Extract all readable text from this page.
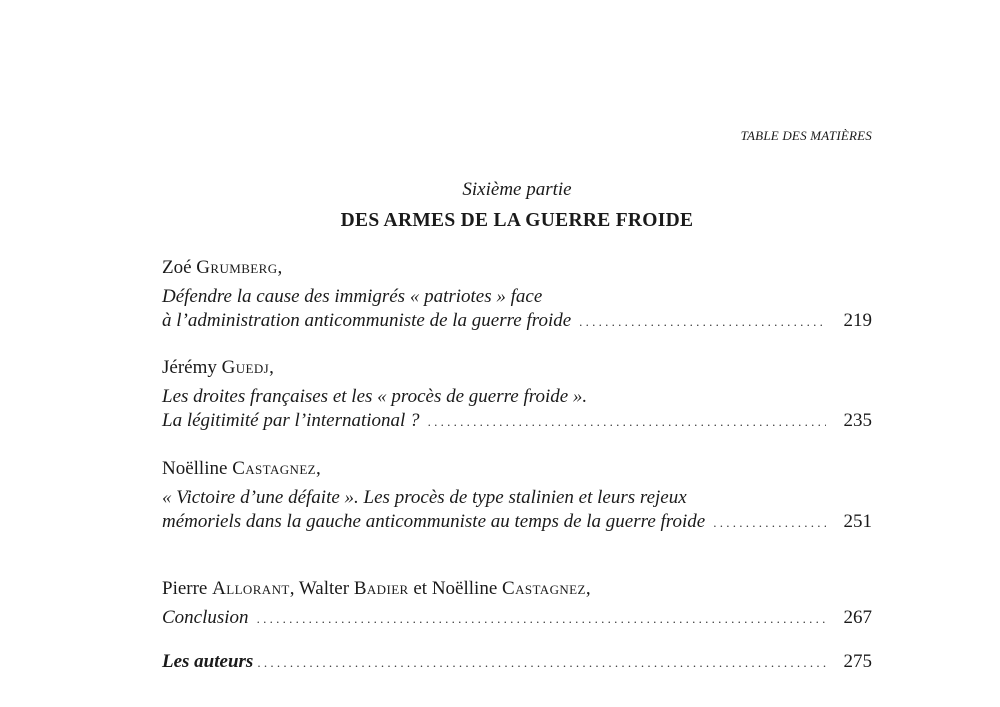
TABLE DES MATIÈRES
Sixième partie
DES ARMES DE LA GUERRE FROIDE
Zoé Grumberg,
Défendre la cause des immigrés « patriotes » face
à l’administration anticommuniste de la guerre froide . . .	219
Jérémy Guedj,
Les droites françaises et les « procès de guerre froide ».
La légitimité par l’international ? . . .	235
Noëlline Castagnez,
« Victoire d’une défaite ». Les procès de type stalinien et leurs rejeux
mémoriels dans la gauche anticommuniste au temps de la guerre froide . . .	251
Pierre Allorant, Walter Badier et Noëlline Castagnez,
Conclusion . . .	267
Les auteurs . . .	275
